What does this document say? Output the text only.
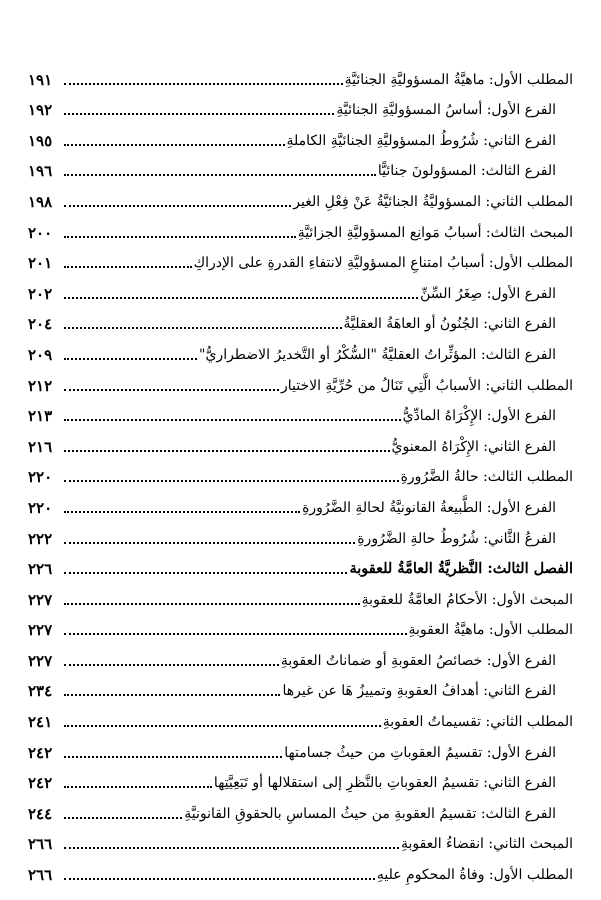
المطلب الأول: ماهيَّةُ المسؤوليَّةِ الجنائيَّةِ
١٩١
الفرع الأول: أساسُ المسؤوليَّةِ الجنائيَّةِ
١٩٢
الفرع الثاني: شُرُوطُ المسؤوليَّةِ الجنائيَّةِ الكاملةِ
١٩٥
الفرع الثالث: المسؤولونَ جنائيًّا
١٩٦
المطلب الثاني: المسؤوليَّةُ الجنائيَّةُ عَنْ فِعْلِ الغير
١٩٨
المبحث الثالث: أسبابُ مَوانِع المسؤوليَّةِ الجزائيَّةِ
٢٠٠
المطلب الأول: أسبابُ امتناعِ المسؤوليَّةِ لانتفاءِ القدرةِ على الإدراكِ
٢٠١
الفرع الأول: صِغَرُ السِّنِّ
٢٠٢
الفرع الثاني: الجُنُونُ أو العاهَةُ العقليَّةُ
٢٠٤
الفرع الثالث: المؤثِّراتُ العقليَّةُ "السُّكْرُ أو التَّخديرُ الاضطراريُّ"
٢٠٩
المطلب الثاني: الأسبابُ الَّتِي تَنَالُ من حُرِّيَّةِ الاختيار
٢١٢
الفرع الأول: الإِكْرَاهُ المادِّيُّ
٢١٣
الفرع الثاني: الإِكْرَاهُ المعنويُّ
٢١٦
المطلب الثالث: حالةُ الضَّرُورةِ
٢٢٠
الفرع الأول: الطَّبيعةُ القانونيَّةُ لحالةِ الضَّرُورةِ
٢٢٠
الفرعُ الثَّاني: شُرُوطُ حالةِ الضَّرُورةِ
٢٢٢
الفصل الثالث: النَّظريَّةُ العامَّةُ للعقوبة
٢٢٦
المبحث الأول: الأحكامُ العامَّةُ للعقوبةِ
٢٢٧
المطلب الأول: ماهيَّةُ العقوبةِ
٢٢٧
الفرع الأول: خصائصُ العقوبةِ أو ضماناتُ العقوبةِ
٢٢٧
الفرع الثاني: أهدافُ العقوبةِ وتمييزُ هَا عن غيرها
٢٣٤
المطلب الثاني: تقسيماتُ العقوبةِ
٢٤١
الفرع الأول: تقسيمُ العقوباتِ من حيثُ جسامتها
٢٤٢
الفرع الثاني: تقسيمُ العقوباتِ بالنَّظرِ إلى استقلالها أو تَبَعِيَّتِها
٢٤٢
الفرع الثالث: تقسيمُ العقوبةِ من حيثُ المساسِ بالحقوقِ القانونيَّةِ
٢٤٤
المبحث الثاني: انقضاءُ العقوبةِ
٢٦٦
المطلب الأول: وفاةُ المحكومِ عليهِ
٢٦٦
